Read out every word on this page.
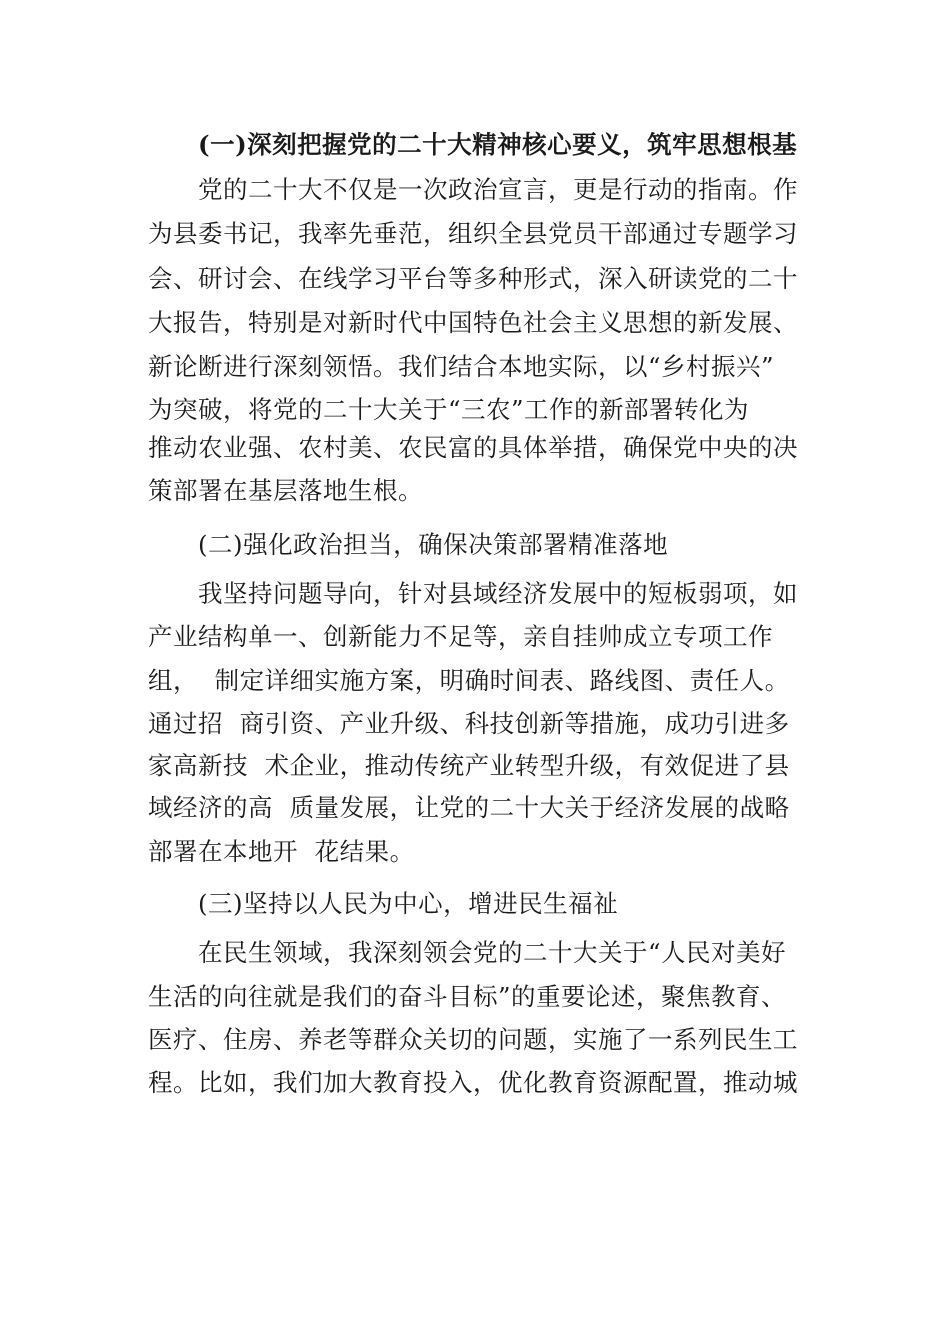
(一)深刻把握党的二十大精神核心要义，筑牢思想根基
党的二十大不仅是一次政治宣言，更是行动的指南。作
为县委书记，我率先垂范，组织全县党员干部通过专题学习
会、研讨会、在线学习平台等多种形式，深入研读党的二十
大报告，特别是对新时代中国特色社会主义思想的新发展、
新论断进行深刻领悟。我们结合本地实际，以“乡村振兴”
为突破，将党的二十大关于“三农”工作的新部署转化为
推动农业强、农村美、农民富的具体举措，确保党中央的决
策部署在基层落地生根。
(二)强化政治担当，确保决策部署精准落地
我坚持问题导向，针对县域经济发展中的短板弱项，如
产业结构单一、创新能力不足等，亲自挂帅成立专项工作
组，  制定详细实施方案，明确时间表、路线图、责任人。
通过招  商引资、产业升级、科技创新等措施，成功引进多
家高新技  术企业，推动传统产业转型升级，有效促进了县
域经济的高  质量发展，让党的二十大关于经济发展的战略
部署在本地开  花结果。
(三)坚持以人民为中心，增进民生福祉
在民生领域，我深刻领会党的二十大关于“人民对美好
生活的向往就是我们的奋斗目标”的重要论述，聚焦教育、
医疗、住房、养老等群众关切的问题，实施了一系列民生工
程。比如，我们加大教育投入，优化教育资源配置，推动城
